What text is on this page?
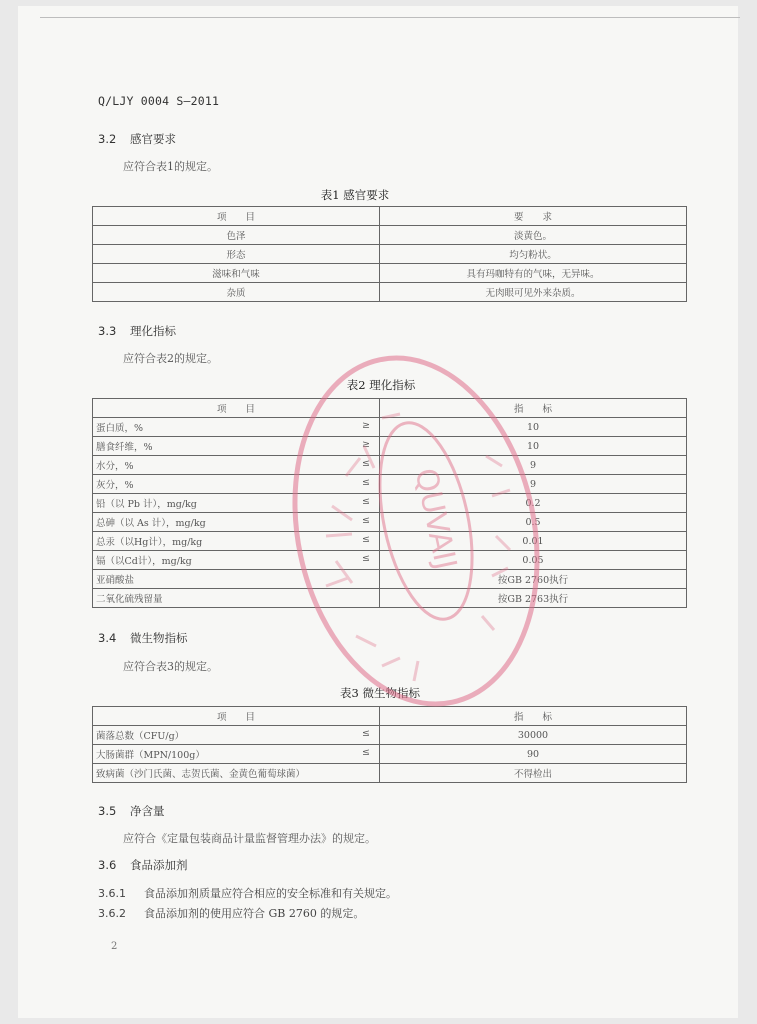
Q/LJY 0004 S—2011
3.2 感官要求
应符合表1的规定。
表1 感官要求
项　　目	要　　求
色泽	淡黄色。
形态	均匀粉状。
滋味和气味	具有玛咖特有的气味，无异味。
杂质	无肉眼可见外来杂质。
3.3 理化指标
应符合表2的规定。
表2 理化指标
项　　目	指　　标
蛋白质，% ≥	10
膳食纤维，% ≥	10
水分，% ≤	9
灰分，% ≤	9
铅（以 Pb 计），mg/kg ≤	0.2
总砷（以 As 计），mg/kg ≤	0.5
总汞（以Hg计），mg/kg ≤	0.01
镉（以Cd计），mg/kg ≤	0.05
亚硝酸盐	按GB 2760执行
二氧化硫残留量	按GB 2763执行
3.4 微生物指标
应符合表3的规定。
表3 微生物指标
项　　目	指　　标
菌落总数（CFU/g） ≤	30000
大肠菌群（MPN/100g） ≤	90
致病菌（沙门氏菌、志贺氏菌、金黄色葡萄球菌）	不得检出
3.5 净含量
应符合《定量包装商品计量监督管理办法》的规定。
3.6 食品添加剂
3.6.1 食品添加剂质量应符合相应的安全标准和有关规定。
3.6.2 食品添加剂的使用应符合 GB 2760 的规定。
2
QUVAIJ
